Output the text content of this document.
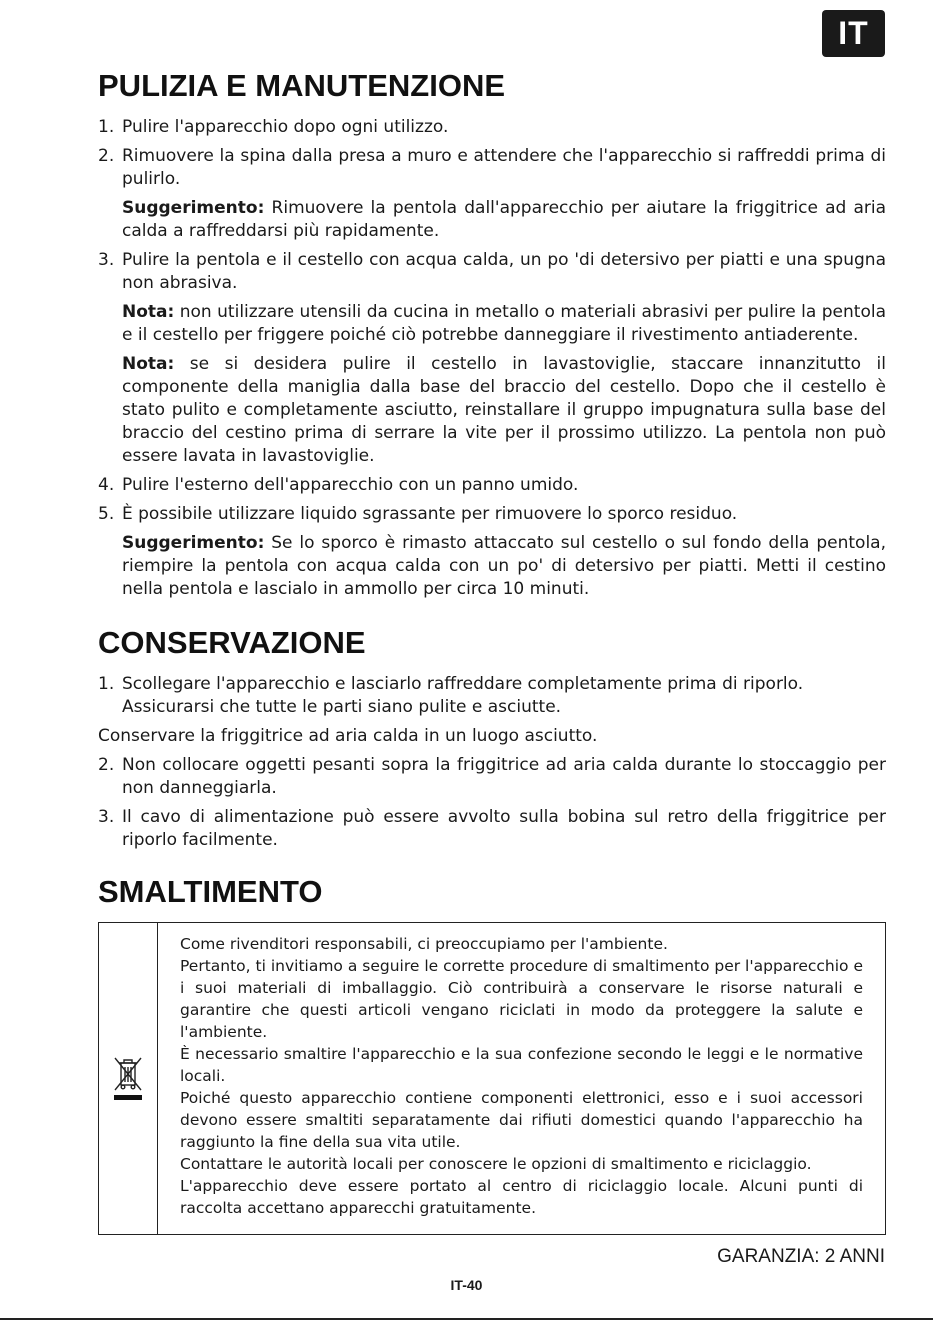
IT
PULIZIA E MANUTENZIONE
1. Pulire l'apparecchio dopo ogni utilizzo.
2. Rimuovere la spina dalla presa a muro e attendere che l'apparecchio si raffreddi prima di pulirlo.
Suggerimento: Rimuovere la pentola dall'apparecchio per aiutare la friggitrice ad aria calda a raffreddarsi più rapidamente.
3. Pulire la pentola e il cestello con acqua calda, un po 'di detersivo per piatti e una spugna non abrasiva.
Nota: non utilizzare utensili da cucina in metallo o materiali abrasivi per pulire la pentola e il cestello per friggere poiché ciò potrebbe danneggiare il rivestimento antiaderente.
Nota: se si desidera pulire il cestello in lavastoviglie, staccare innanzitutto il componente della maniglia dalla base del braccio del cestello. Dopo che il cestello è stato pulito e completamente asciutto, reinstallare il gruppo impugnatura sulla base del braccio del cestino prima di serrare la vite per il prossimo utilizzo. La pentola non può essere lavata in lavastoviglie.
4. Pulire l'esterno dell'apparecchio con un panno umido.
5. È possibile utilizzare liquido sgrassante per rimuovere lo sporco residuo.
Suggerimento: Se lo sporco è rimasto attaccato sul cestello o sul fondo della pentola, riempire la pentola con acqua calda con un po' di detersivo per piatti. Metti il cestino nella pentola e lascialo in ammollo per circa 10 minuti.
CONSERVAZIONE
1. Scollegare l'apparecchio e lasciarlo raffreddare completamente prima di riporlo.
Assicurarsi che tutte le parti siano pulite e asciutte.
Conservare la friggitrice ad aria calda in un luogo asciutto.
2. Non collocare oggetti pesanti sopra la friggitrice ad aria calda durante lo stoccaggio per non danneggiarla.
3. Il cavo di alimentazione può essere avvolto sulla bobina sul retro della friggitrice per riporlo facilmente.
SMALTIMENTO
Come rivenditori responsabili, ci preoccupiamo per l'ambiente.
Pertanto, ti invitiamo a seguire le corrette procedure di smaltimento per l'apparecchio e i suoi materiali di imballaggio. Ciò contribuirà a conservare le risorse naturali e garantire che questi articoli vengano riciclati in modo da proteggere la salute e l'ambiente.
È necessario smaltire l'apparecchio e la sua confezione secondo le leggi e le normative locali.
Poiché questo apparecchio contiene componenti elettronici, esso e i suoi accessori devono essere smaltiti separatamente dai rifiuti domestici quando l'apparecchio ha raggiunto la fine della sua vita utile.
Contattare le autorità locali per conoscere le opzioni di smaltimento e riciclaggio.
L'apparecchio deve essere portato al centro di riciclaggio locale. Alcuni punti di raccolta accettano apparecchi gratuitamente.
GARANZIA: 2 ANNI
IT-40
